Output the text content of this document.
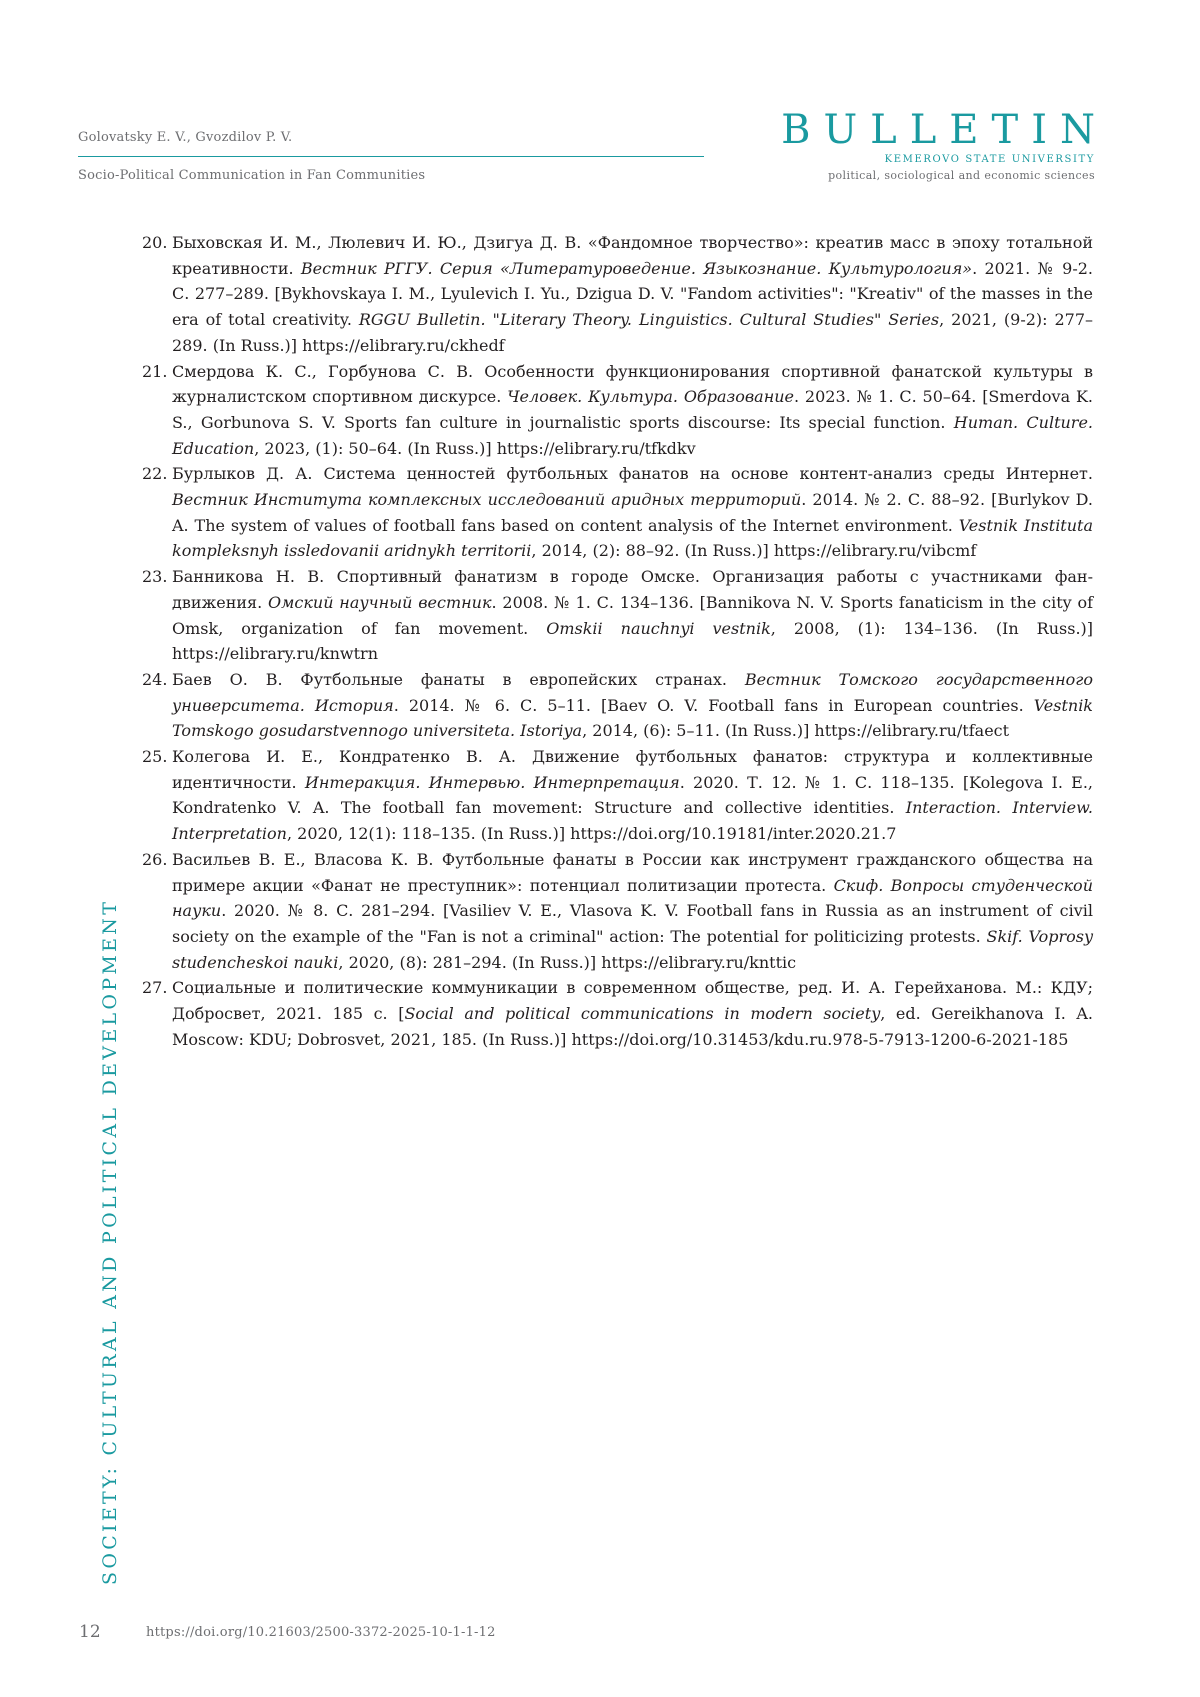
Golovatsky E. V., Gvozdilov P. V.
Socio-Political Communication in Fan Communities
BULLETIN
KEMEROVO STATE UNIVERSITY
political, sociological and economic sciences
20. Быховская И. М., Люлевич И. Ю., Дзигуа Д. В. «Фандомное творчество»: креатив масс в эпоху тотальной креативности. Вестник РГГУ. Серия «Литературоведение. Языкознание. Культурология». 2021. № 9-2. С. 277–289. [Bykhovskaya I. M., Lyulevich I. Yu., Dzigua D. V. "Fandom activities": "Kreativ" of the masses in the era of total creativity. RGGU Bulletin. "Literary Theory. Linguistics. Cultural Studies" Series, 2021, (9-2): 277–289. (In Russ.)] https://elibrary.ru/ckhedf
21. Смердова К. С., Горбунова С. В. Особенности функционирования спортивной фанатской культуры в журналистском спортивном дискурсе. Человек. Культура. Образование. 2023. № 1. С. 50–64. [Smerdova K. S., Gorbunova S. V. Sports fan culture in journalistic sports discourse: Its special function. Human. Culture. Education, 2023, (1): 50–64. (In Russ.)] https://elibrary.ru/tfkdkv
22. Бурлыков Д. А. Система ценностей футбольных фанатов на основе контент-анализ среды Интернет. Вестник Института комплексных исследований аридных территорий. 2014. № 2. С. 88–92. [Burlykov D. A. The system of values of football fans based on content analysis of the Internet environment. Vestnik Instituta kompleksnyh issledovanii aridnykh territorii, 2014, (2): 88–92. (In Russ.)] https://elibrary.ru/vibcmf
23. Банникова Н. В. Спортивный фанатизм в городе Омске. Организация работы с участниками фан-движения. Омский научный вестник. 2008. № 1. С. 134–136. [Bannikova N. V. Sports fanaticism in the city of Omsk, organization of fan movement. Omskii nauchnyi vestnik, 2008, (1): 134–136. (In Russ.)] https://elibrary.ru/knwtrn
24. Баев О. В. Футбольные фанаты в европейских странах. Вестник Томского государственного университета. История. 2014. № 6. С. 5–11. [Baev O. V. Football fans in European countries. Vestnik Tomskogo gosudarstvennogo universiteta. Istoriya, 2014, (6): 5–11. (In Russ.)] https://elibrary.ru/tfaect
25. Колегова И. Е., Кондратенко В. А. Движение футбольных фанатов: структура и коллективные идентичности. Интеракция. Интервью. Интерпретация. 2020. Т. 12. № 1. С. 118–135. [Kolegova I. E., Kondratenko V. A. The football fan movement: Structure and collective identities. Interaction. Interview. Interpretation, 2020, 12(1): 118–135. (In Russ.)] https://doi.org/10.19181/inter.2020.21.7
26. Васильев В. Е., Власова К. В. Футбольные фанаты в России как инструмент гражданского общества на примере акции «Фанат не преступник»: потенциал политизации протеста. Скиф. Вопросы студенческой науки. 2020. № 8. С. 281–294. [Vasiliev V. E., Vlasova K. V. Football fans in Russia as an instrument of civil society on the example of the "Fan is not a criminal" action: The potential for politicizing protests. Skif. Voprosy studencheskoi nauki, 2020, (8): 281–294. (In Russ.)] https://elibrary.ru/knttic
27. Социальные и политические коммуникации в современном обществе, ред. И. А. Герейханова. М.: КДУ; Добросвет, 2021. 185 с. [Social and political communications in modern society, ed. Gereikhanova I. A. Moscow: KDU; Dobrosvet, 2021, 185. (In Russ.)] https://doi.org/10.31453/kdu.ru.978-5-7913-1200-6-2021-185
SOCIETY: CULTURAL AND POLITICAL DEVELOPMENT
12	https://doi.org/10.21603/2500-3372-2025-10-1-1-12
